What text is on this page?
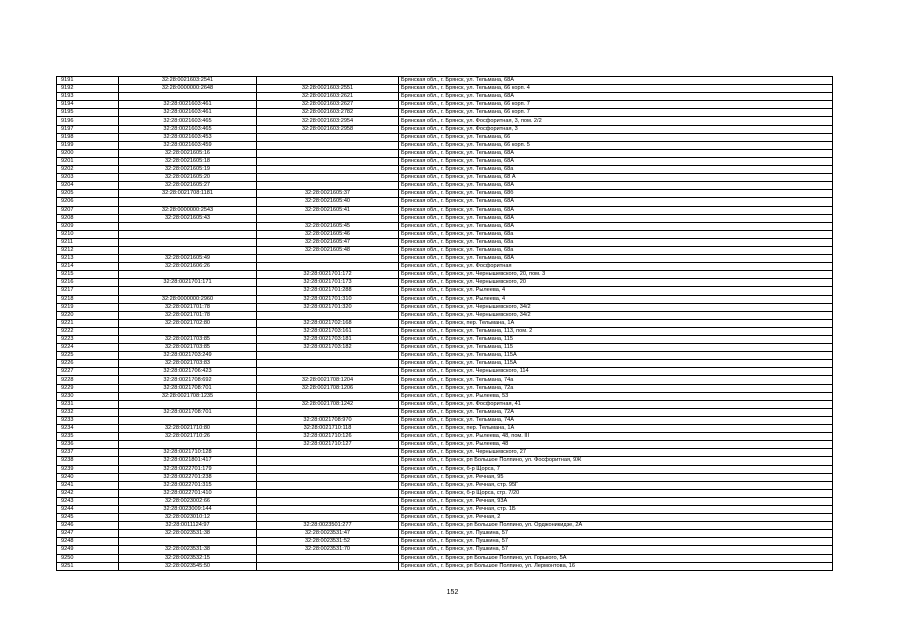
9191	32:28:0021603:2541		Брянская обл., г. Брянск, ул. Тельмана, 68А
9192	32:28:0000000:2648	32:28:0021603:2551	Брянская обл., г. Брянск, ул. Тельмана, 66 корп. 4
9193		32:28:0021603:2621	Брянская обл., г. Брянск, ул. Тельмана, 68А
9194	32:28:0021603:461	32:28:0021603:2627	Брянская обл., г. Брянск, ул. Тельмана, 66 корп. 7
9195	32:28:0021603:461	32:28:0021603:2782	Брянская обл., г. Брянск, ул. Тельмана, 66 корп. 7
9196	32:28:0021603:465	32:28:0021603:2954	Брянская обл., г. Брянск, ул. Фосфоритная, 3, пом. 2/2
9197	32:28:0021603:465	32:28:0021603:2958	Брянская обл., г. Брянск, ул. Фосфоритная, 3
9198	32:28:0021603:453		Брянская обл., г. Брянск, ул. Тельмана, 66
9199	32:28:0021603:459		Брянская обл., г. Брянск, ул. Тельмана, 66 корп. 5
9200	32:28:0021605:16		Брянская обл., г. Брянск, ул. Тельмана, 68А
9201	32:28:0021605:18		Брянская обл., г. Брянск, ул. Тельмана, 68А
9202	32:28:0021605:19		Брянская обл., г. Брянск, ул. Тельмана, 68а
9203	32:28:0021605:20		Брянская обл., г. Брянск, ул. Тельмана, 68 А
9204	32:28:0021605:27		Брянская обл., г. Брянск, ул. Тельмана, 68А
9205	32:28:0021708:1181	32:28:0021605:37	Брянская обл., г. Брянск, ул. Тельмана, 68б
9206		32:28:0021605:40	Брянская обл., г. Брянск, ул. Тельмана, 68А
9207	32:28:0000000:2543	32:28:0021605:41	Брянская обл., г. Брянск, ул. Тельмана, 68А
9208	32:28:0021605:43		Брянская обл., г. Брянск, ул. Тельмана, 68А
9209		32:28:0021605:45	Брянская обл., г. Брянск, ул. Тельмана, 68А
9210		32:28:0021605:46	Брянская обл., г. Брянск, ул. Тельмана, 68а
9211		32:28:0021605:47	Брянская обл., г. Брянск, ул. Тельмана, 68а
9212		32:28:0021605:48	Брянская обл., г. Брянск, ул. Тельмана, 68а
9213	32:28:0021605:49		Брянская обл., г. Брянск, ул. Тельмана, 68А
9214	32:28:0021606:26		Брянская обл., г. Брянск, ул. Фосфоритная
9215		32:28:0021701:172	Брянская обл., г. Брянск, ул. Чернышевского, 20, пом. 3
9216	32:28:0021701:171	32:28:0021701:173	Брянская обл., г. Брянск, ул. Чернышевского, 20
9217		32:28:0021701:288	Брянская обл., г. Брянск, ул. Рылеева, 4
9218	32:28:0000000:2960	32:28:0021701:310	Брянская обл., г. Брянск, ул. Рылеева, 4
9219	32:28:0021701:78	32:28:0021701:320	Брянская обл., г. Брянск, ул. Чернышевского, 34/2
9220	32:28:0021701:78		Брянская обл., г. Брянск, ул. Чернышевского, 34/2
9221	32:28:0021702:80	32:28:0021702:168	Брянская обл., г. Брянск, пер. Тельмана, 1А
9222		32:28:0021703:161	Брянская обл., г. Брянск, ул. Тельмана, 113, пом. 2
9223	32:28:0021703:85	32:28:0021703:181	Брянская обл., г. Брянск, ул. Тельмана, 115
9224	32:28:0021703:85	32:28:0021703:182	Брянская обл., г. Брянск, ул. Тельмана, 115
9225	32:28:0021703:249		Брянская обл., г. Брянск, ул. Тельмана, 115А
9226	32:28:0021703:83		Брянская обл., г. Брянск, ул. Тельмана, 115А
9227	32:28:0021706:423		Брянская обл., г. Брянск, ул. Чернышевского, 114
9228	32:28:0021708:692	32:28:0021708:1204	Брянская обл., г. Брянск, ул. Тельмана, 74а
9229	32:28:0021708:701	32:28:0021708:1206	Брянская обл., г. Брянск, ул. Тельмана, 72а
9230	32:28:0021708:1235		Брянская обл., г. Брянск, ул. Рылеева, 53
9231		32:28:0021708:1242	Брянская обл., г. Брянск, ул. Фосфоритная, 41
9232	32:28:0021708:701		Брянская обл., г. Брянск, ул. Тельмана, 72А
9233		32:28:0021708:970	Брянская обл., г. Брянск, ул. Тельмана, 74А
9234	32:28:0021710:80	32:28:0021710:118	Брянская обл., г. Брянск, пер. Тельмана, 1А
9235	32:28:0021710:26	32:28:0021710:126	Брянская обл., г. Брянск, ул. Рылеева, 48, пом. III
9236		32:28:0021710:127	Брянская обл., г. Брянск, ул. Рылеева, 48
9237	32:28:0021710:128		Брянская обл., г. Брянск, ул. Чернышевского, 27
9238	32:28:0021801:417		Брянская обл., г. Брянск, рп Большое Полпино, ул. Фосфоритная, 9Ж
9239	32:28:0022701:179		Брянская обл., г. Брянск, б-р Щорса, 7
9240	32:28:0022701:238		Брянская обл., г. Брянск, ул. Речная, 95
9241	32:28:0022701:315		Брянская обл., г. Брянск, ул. Речная, стр. 95Г
9242	32:28:0022701:410		Брянская обл., г. Брянск, б-р Щорса, стр. 7/20
9243	32:28:0023002:66		Брянская обл., г. Брянск, ул. Речная, 93А
9244	32:28:0023009:144		Брянская обл., г. Брянск, ул. Речная, стр. 1Б
9245	32:28:0023010:12		Брянская обл., г. Брянск, ул. Речная, 2
9246	32:28:0011124:97	32:28:0023501:277	Брянская обл., г. Брянск, рп Большое Полпино, ул. Орджоникидзе, 2А
9247	32:28:0023531:38	32:28:0023531:47	Брянская обл., г. Брянск, ул. Пушкина, 57
9248		32:28:0023531:52	Брянская обл., г. Брянск, ул. Пушкина, 57
9249	32:28:0023531:38	32:28:0023531:70	Брянская обл., г. Брянск, ул. Пушкина, 57
9250	32:28:0023532:15		Брянская обл., г. Брянск, рп Большое Полпино, ул. Горького, 5А
9251	32:28:0023545:50		Брянская обл., г. Брянск, рп Большое Полпино, ул. Лермонтова, 16
152
